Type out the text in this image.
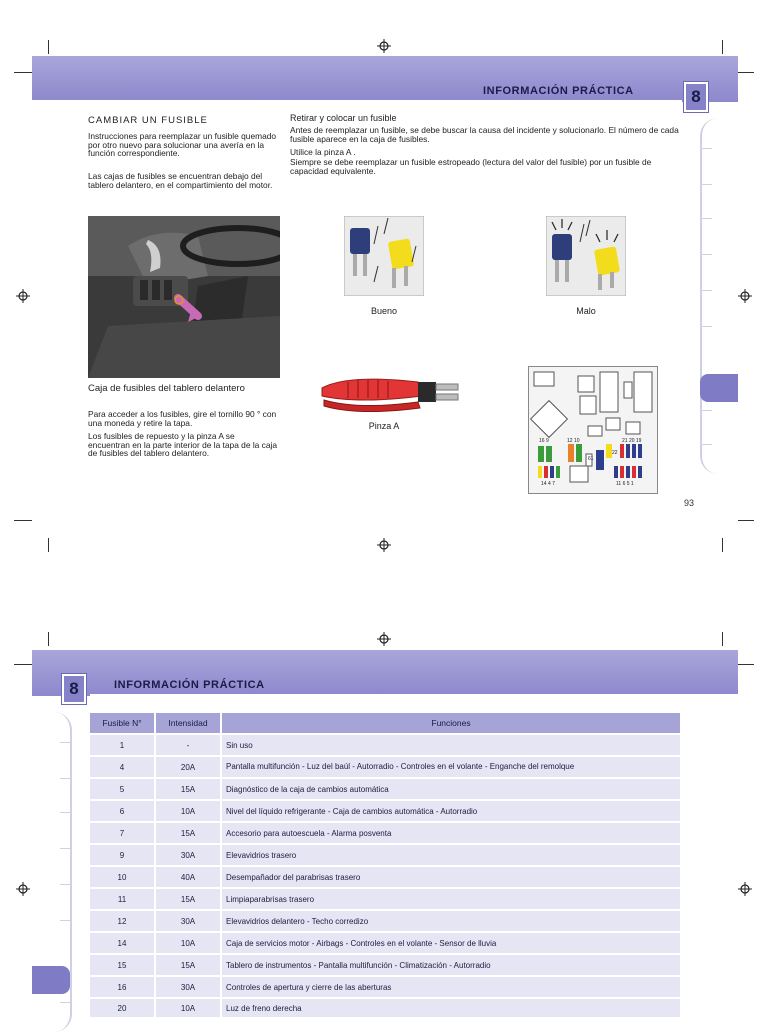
INFORMACIÓN PRÁCTICA	8
CAMBIAR UN FUSIBLE
Instrucciones para reemplazar un fusible quemado por otro nuevo para solucionar una avería en la función correspondiente.
Las cajas de fusibles se encuentran debajo del tablero delantero, en el compartimiento del motor.
Caja de fusibles del tablero delantero
Para acceder a los fusibles, gire el tornillo 90 ° con una moneda y retire la tapa.
Los fusibles de repuesto y la pinza A se encuentran en la parte interior de la tapa de la caja de fusibles del tablero delantero.
Retirar y colocar un fusible
Antes de reemplazar un fusible, se debe buscar la causa del incidente y solucionarlo. El número de cada fusible aparece en la caja de fusibles.
Utilice la pinza A .
Siempre se debe reemplazar un fusible estropeado (lectura del valor del fusible) por un fusible de capacidad equivalente.
Bueno	Malo
Pinza A
16 9	12 10	21 20 19
22
61
14 4 7	11 6 5 1
93
8	INFORMACIÓN PRÁCTICA
Fusible N°	Intensidad	Funciones
1	-	Sin uso
4	20A	Pantalla multifunción - Luz del baúl - Autorradio - Controles en el volante - Enganche del remolque
5	15A	Diagnóstico de la caja de cambios automática
6	10A	Nivel del líquido refrigerante - Caja de cambios automática - Autorradio
7	15A	Accesorio para autoescuela - Alarma posventa
9	30A	Elevavidrios trasero
10	40A	Desempañador del parabrisas trasero
11	15A	Limpiaparabrisas trasero
12	30A	Elevavidrios delantero - Techo corredizo
14	10A	Caja de servicios motor - Airbags - Controles en el volante - Sensor de lluvia
15	15A	Tablero de instrumentos - Pantalla multifunción - Climatización - Autorradio
16	30A	Controles de apertura y cierre de las aberturas
20	10A	Luz de freno derecha
